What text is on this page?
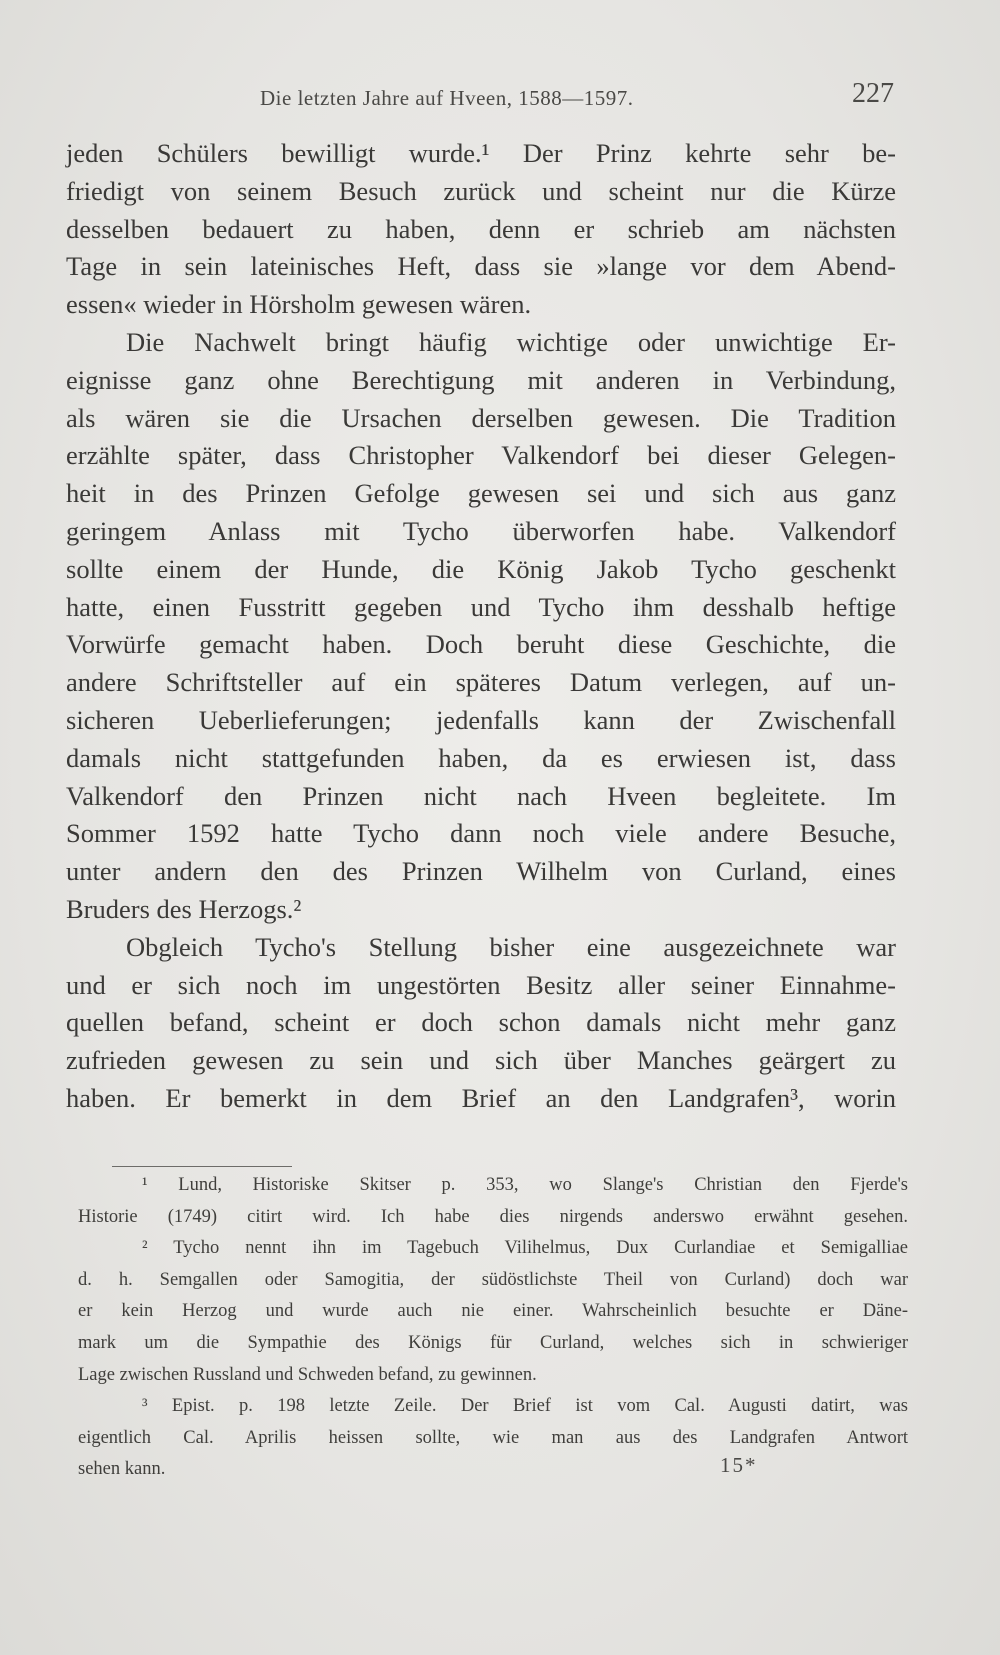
Die letzten Jahre auf Hveen, 1588—1597.	227
jeden Schülers bewilligt wurde.¹ Der Prinz kehrte sehr be-
friedigt von seinem Besuch zurück und scheint nur die Kürze
desselben bedauert zu haben, denn er schrieb am nächsten
Tage in sein lateinisches Heft, dass sie »lange vor dem Abend-
essen« wieder in Hörsholm gewesen wären.
Die Nachwelt bringt häufig wichtige oder unwichtige Er-
eignisse ganz ohne Berechtigung mit anderen in Verbindung,
als wären sie die Ursachen derselben gewesen. Die Tradition
erzählte später, dass Christopher Valkendorf bei dieser Gelegen-
heit in des Prinzen Gefolge gewesen sei und sich aus ganz
geringem Anlass mit Tycho überworfen habe. Valkendorf
sollte einem der Hunde, die König Jakob Tycho geschenkt
hatte, einen Fusstritt gegeben und Tycho ihm desshalb heftige
Vorwürfe gemacht haben. Doch beruht diese Geschichte, die
andere Schriftsteller auf ein späteres Datum verlegen, auf un-
sicheren Ueberlieferungen; jedenfalls kann der Zwischenfall
damals nicht stattgefunden haben, da es erwiesen ist, dass
Valkendorf den Prinzen nicht nach Hveen begleitete. Im
Sommer 1592 hatte Tycho dann noch viele andere Besuche,
unter andern den des Prinzen Wilhelm von Curland, eines
Bruders des Herzogs.²
Obgleich Tycho's Stellung bisher eine ausgezeichnete war
und er sich noch im ungestörten Besitz aller seiner Einnahme-
quellen befand, scheint er doch schon damals nicht mehr ganz
zufrieden gewesen zu sein und sich über Manches geärgert zu
haben. Er bemerkt in dem Brief an den Landgrafen³, worin
¹ Lund, Historiske Skitser p. 353, wo Slange's Christian den Fjerde's
Historie (1749) citirt wird. Ich habe dies nirgends anderswo erwähnt gesehen.
² Tycho nennt ihn im Tagebuch Vilihelmus, Dux Curlandiae et Semigalliae
d. h. Semgallen oder Samogitia, der südöstlichste Theil von Curland) doch war
er kein Herzog und wurde auch nie einer. Wahrscheinlich besuchte er Däne-
mark um die Sympathie des Königs für Curland, welches sich in schwieriger
Lage zwischen Russland und Schweden befand, zu gewinnen.
³ Epist. p. 198 letzte Zeile. Der Brief ist vom Cal. Augusti datirt, was
eigentlich Cal. Aprilis heissen sollte, wie man aus des Landgrafen Antwort
sehen kann.	15*
